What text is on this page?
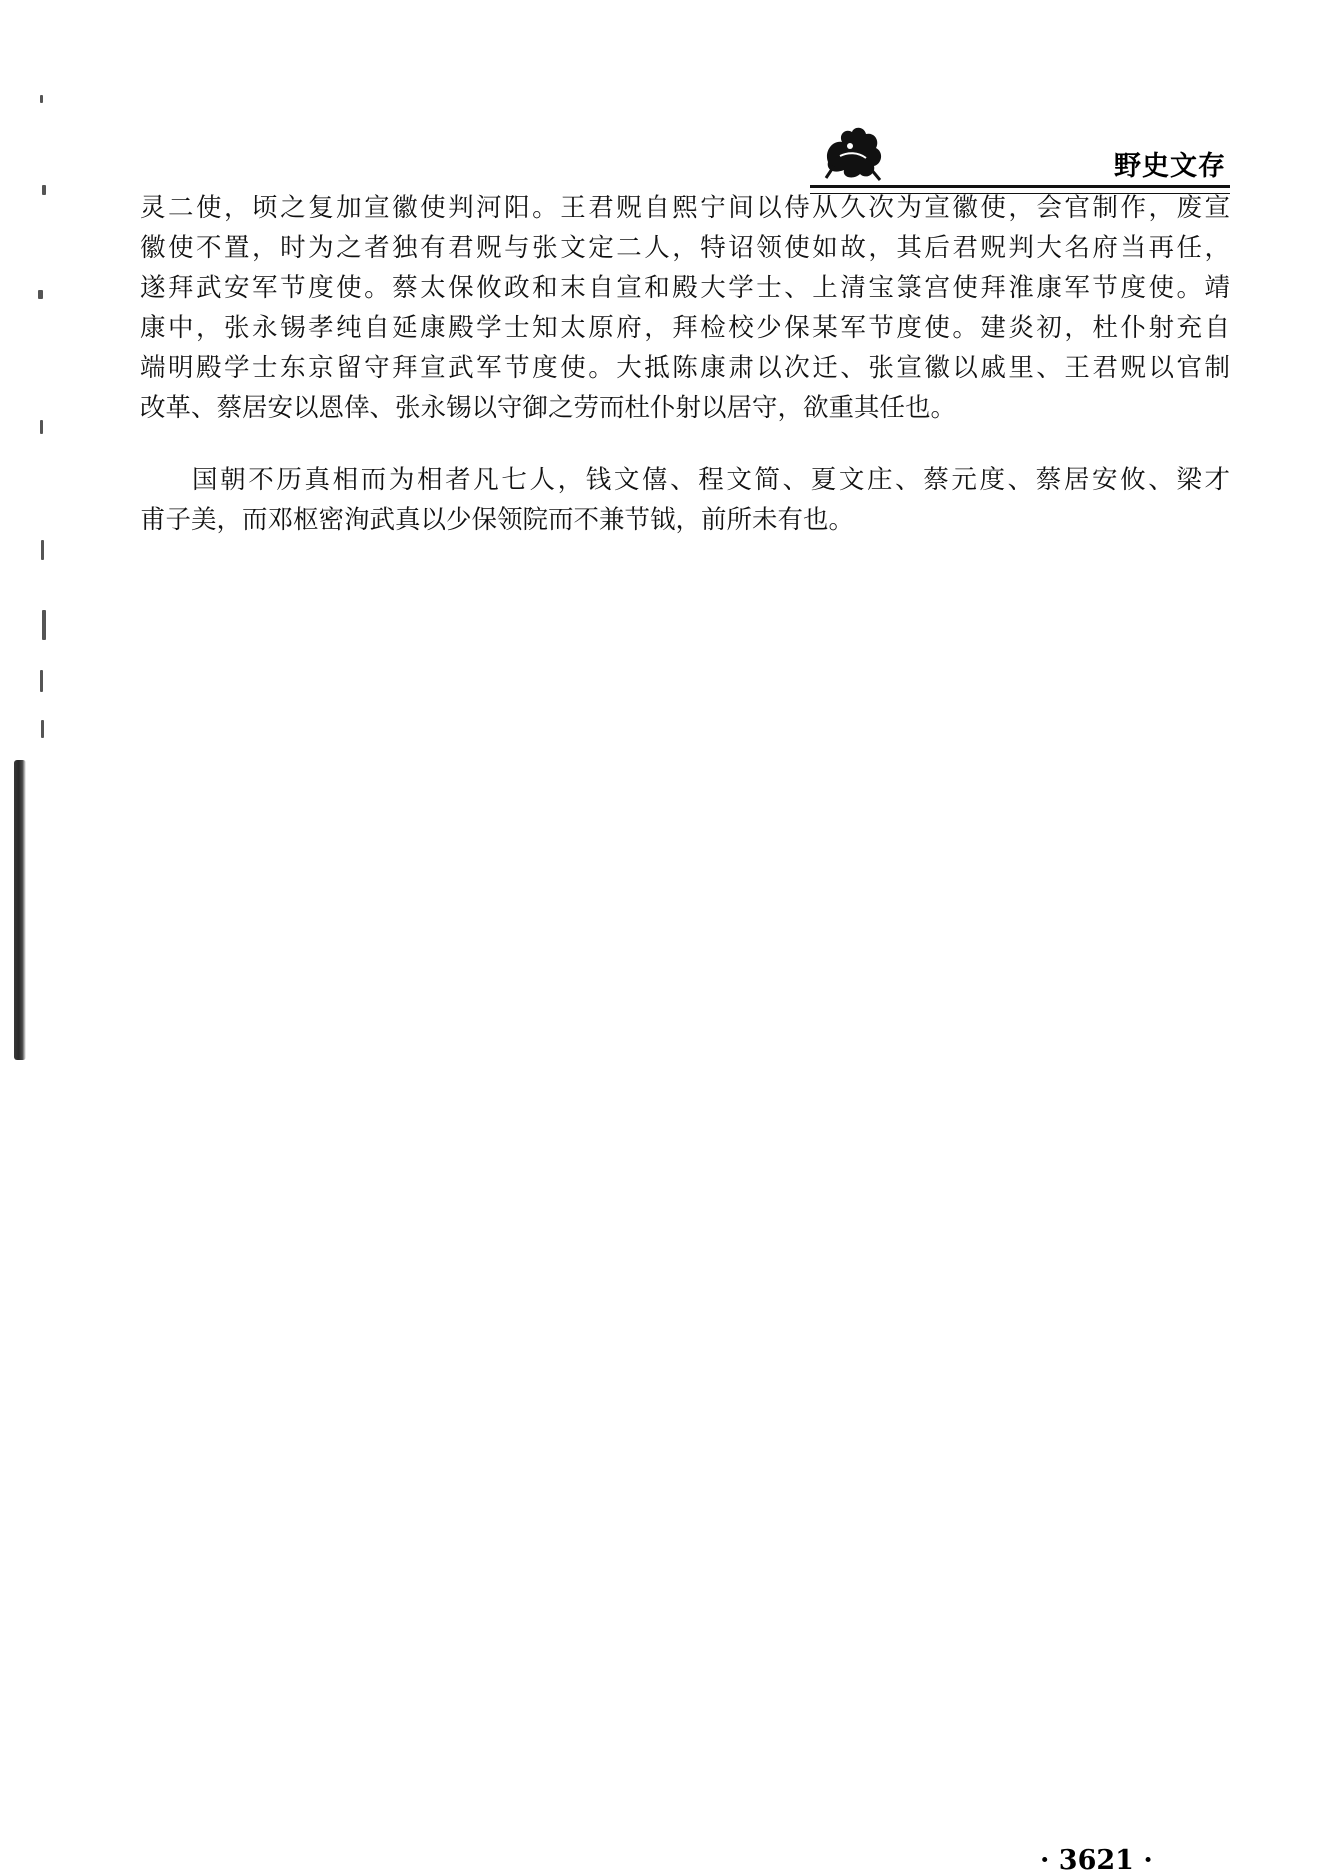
野史文存
灵二使，顷之复加宣徽使判河阳。王君贶自熙宁间以侍从久次为宣徽使，会官制作，废宣
徽使不置，时为之者独有君贶与张文定二人，特诏领使如故，其后君贶判大名府当再任，
遂拜武安军节度使。蔡太保攸政和末自宣和殿大学士、上清宝箓宫使拜淮康军节度使。靖
康中，张永锡孝纯自延康殿学士知太原府，拜检校少保某军节度使。建炎初，杜仆射充自
端明殿学士东京留守拜宣武军节度使。大抵陈康肃以次迁、张宣徽以戚里、王君贶以官制
改革、蔡居安以恩倖、张永锡以守御之劳而杜仆射以居守，欲重其任也。
国朝不历真相而为相者凡七人，钱文僖、程文简、夏文庄、蔡元度、蔡居安攸、梁才
甫子美，而邓枢密洵武真以少保领院而不兼节钺，前所未有也。
· 3621 ·
